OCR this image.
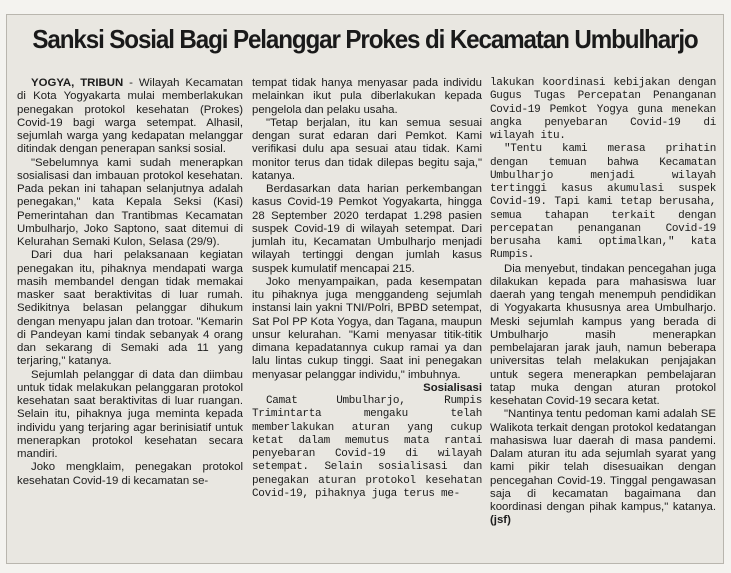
Sanksi Sosial Bagi Pelanggar Prokes di Kecamatan Umbulharjo

YOGYA, TRIBUN - Wilayah Kecamatan di Kota Yogyakarta mulai memberlakukan penegakan protokol kesehatan (Prokes) Covid-19 bagi warga setempat. Alhasil, sejumlah warga yang kedapatan melanggar ditindak dengan penerapan sanksi sosial.

"Sebelumnya kami sudah menerapkan sosialisasi dan imbauan protokol kesehatan. Pada pekan ini tahapan selanjutnya adalah penegakan," kata Kepala Seksi (Kasi) Pemerintahan dan Trantibmas Kecamatan Umbulharjo, Joko Saptono, saat ditemui di Kelurahan Semaki Kulon, Selasa (29/9).

Dari dua hari pelaksanaan kegiatan penegakan itu, pihaknya mendapati warga masih membandel dengan tidak memakai masker saat beraktivitas di luar rumah. Sedikitnya belasan pelanggar dihukum dengan menyapu jalan dan trotoar. "Kemarin di Pandeyan kami tindak sebanyak 4 orang dan sekarang di Semaki ada 11 yang terjaring," katanya.

Sejumlah pelanggar di data dan diimbau untuk tidak melakukan pelanggaran protokol kesehatan saat beraktivitas di luar ruangan. Selain itu, pihaknya juga meminta kepada individu yang terjaring agar berinisiatif untuk menerapkan protokol kesehatan secara mandiri.

Joko mengklaim, penegakan protokol kesehatan Covid-19 di kecamatan se-

tempat tidak hanya menyasar pada individu melainkan ikut pula diberlakukan kepada pengelola dan pelaku usaha.

"Tetap berjalan, itu kan semua sesuai dengan surat edaran dari Pemkot. Kami verifikasi dulu apa sesuai atau tidak. Kami monitor terus dan tidak dilepas begitu saja," katanya.

Berdasarkan data harian perkembangan kasus Covid-19 Pemkot Yogyakarta, hingga 28 September 2020 terdapat 1.298 pasien suspek Covid-19 di wilayah setempat. Dari jumlah itu, Kecamatan Umbulharjo menjadi wilayah tertinggi dengan jumlah kasus suspek kumulatif mencapai 215.

Joko menyampaikan, pada kesempatan itu pihaknya juga menggandeng sejumlah instansi lain yakni TNI/Polri, BPBD setempat, Sat Pol PP Kota Yogya, dan Tagana, maupun unsur kelurahan. "Kami menyasar titik-titik dimana kepadatannya cukup ramai ya dan lalu lintas cukup tinggi. Saat ini penegakan menyasar pelanggar individu," imbuhnya.

Sosialisasi

Camat Umbulharjo, Rumpis Trimintarta mengaku telah memberlakukan aturan yang cukup ketat dalam memutus mata rantai penyebaran Covid-19 di wilayah setempat. Selain sosialisasi dan penegakan aturan protokol kesehatan Covid-19, pihaknya juga terus me-

lakukan koordinasi kebijakan dengan Gugus Tugas Percepatan Penanganan Covid-19 Pemkot Yogya guna menekan angka penyebaran Covid-19 di wilayah itu.

"Tentu kami merasa prihatin dengan temuan bahwa Kecamatan Umbulharjo menjadi wilayah tertinggi kasus akumulasi suspek Covid-19. Tapi kami tetap berusaha, semua tahapan terkait dengan percepatan penanganan Covid-19 berusaha kami optimalkan," kata Rumpis.

Dia menyebut, tindakan pencegahan juga dilakukan kepada para mahasiswa luar daerah yang tengah menempuh pendidikan di Yogyakarta khususnya area Umbulharjo. Meski sejumlah kampus yang berada di Umbulharjo masih menerapkan pembelajaran jarak jauh, namun beberapa universitas telah melakukan penjajakan untuk segera menerapkan pembelajaran tatap muka dengan aturan protokol kesehatan Covid-19 secara ketat.

"Nantinya tentu pedoman kami adalah SE Walikota terkait dengan protokol kedatangan mahasiswa luar daerah di masa pandemi. Dalam aturan itu ada sejumlah syarat yang kami pikir telah disesuaikan dengan pencegahan Covid-19. Tinggal pengawasan saja di kecamatan bagaimana dan koordinasi dengan pihak kampus," katanya. (jsf)
